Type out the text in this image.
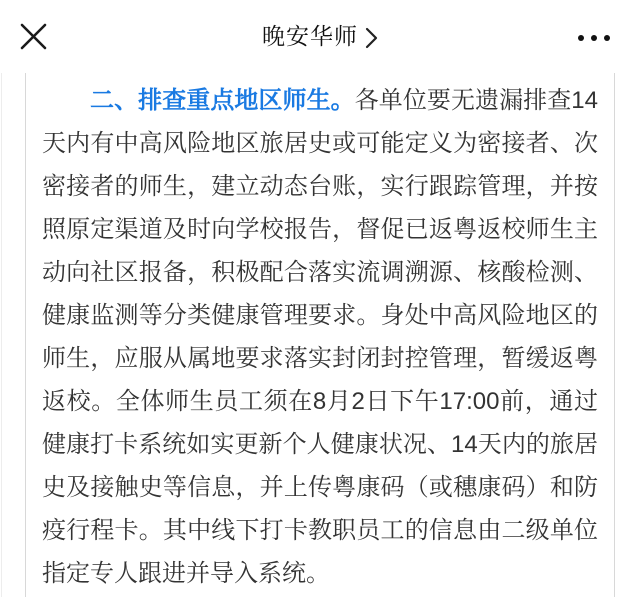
晚安华师

二、排查重点地区师生。各单位要无遗漏排查14天内有中高风险地区旅居史或可能定义为密接者、次密接者的师生，建立动态台账，实行跟踪管理，并按照原定渠道及时向学校报告，督促已返粤返校师生主动向社区报备，积极配合落实流调溯源、核酸检测、健康监测等分类健康管理要求。身处中高风险地区的师生，应服从属地要求落实封闭封控管理，暂缓返粤返校。全体师生员工须在8月2日下午17:00前，通过健康打卡系统如实更新个人健康状况、14天内的旅居史及接触史等信息，并上传粤康码（或穗康码）和防疫行程卡。其中线下打卡教职员工的信息由二级单位指定专人跟进并导入系统。
